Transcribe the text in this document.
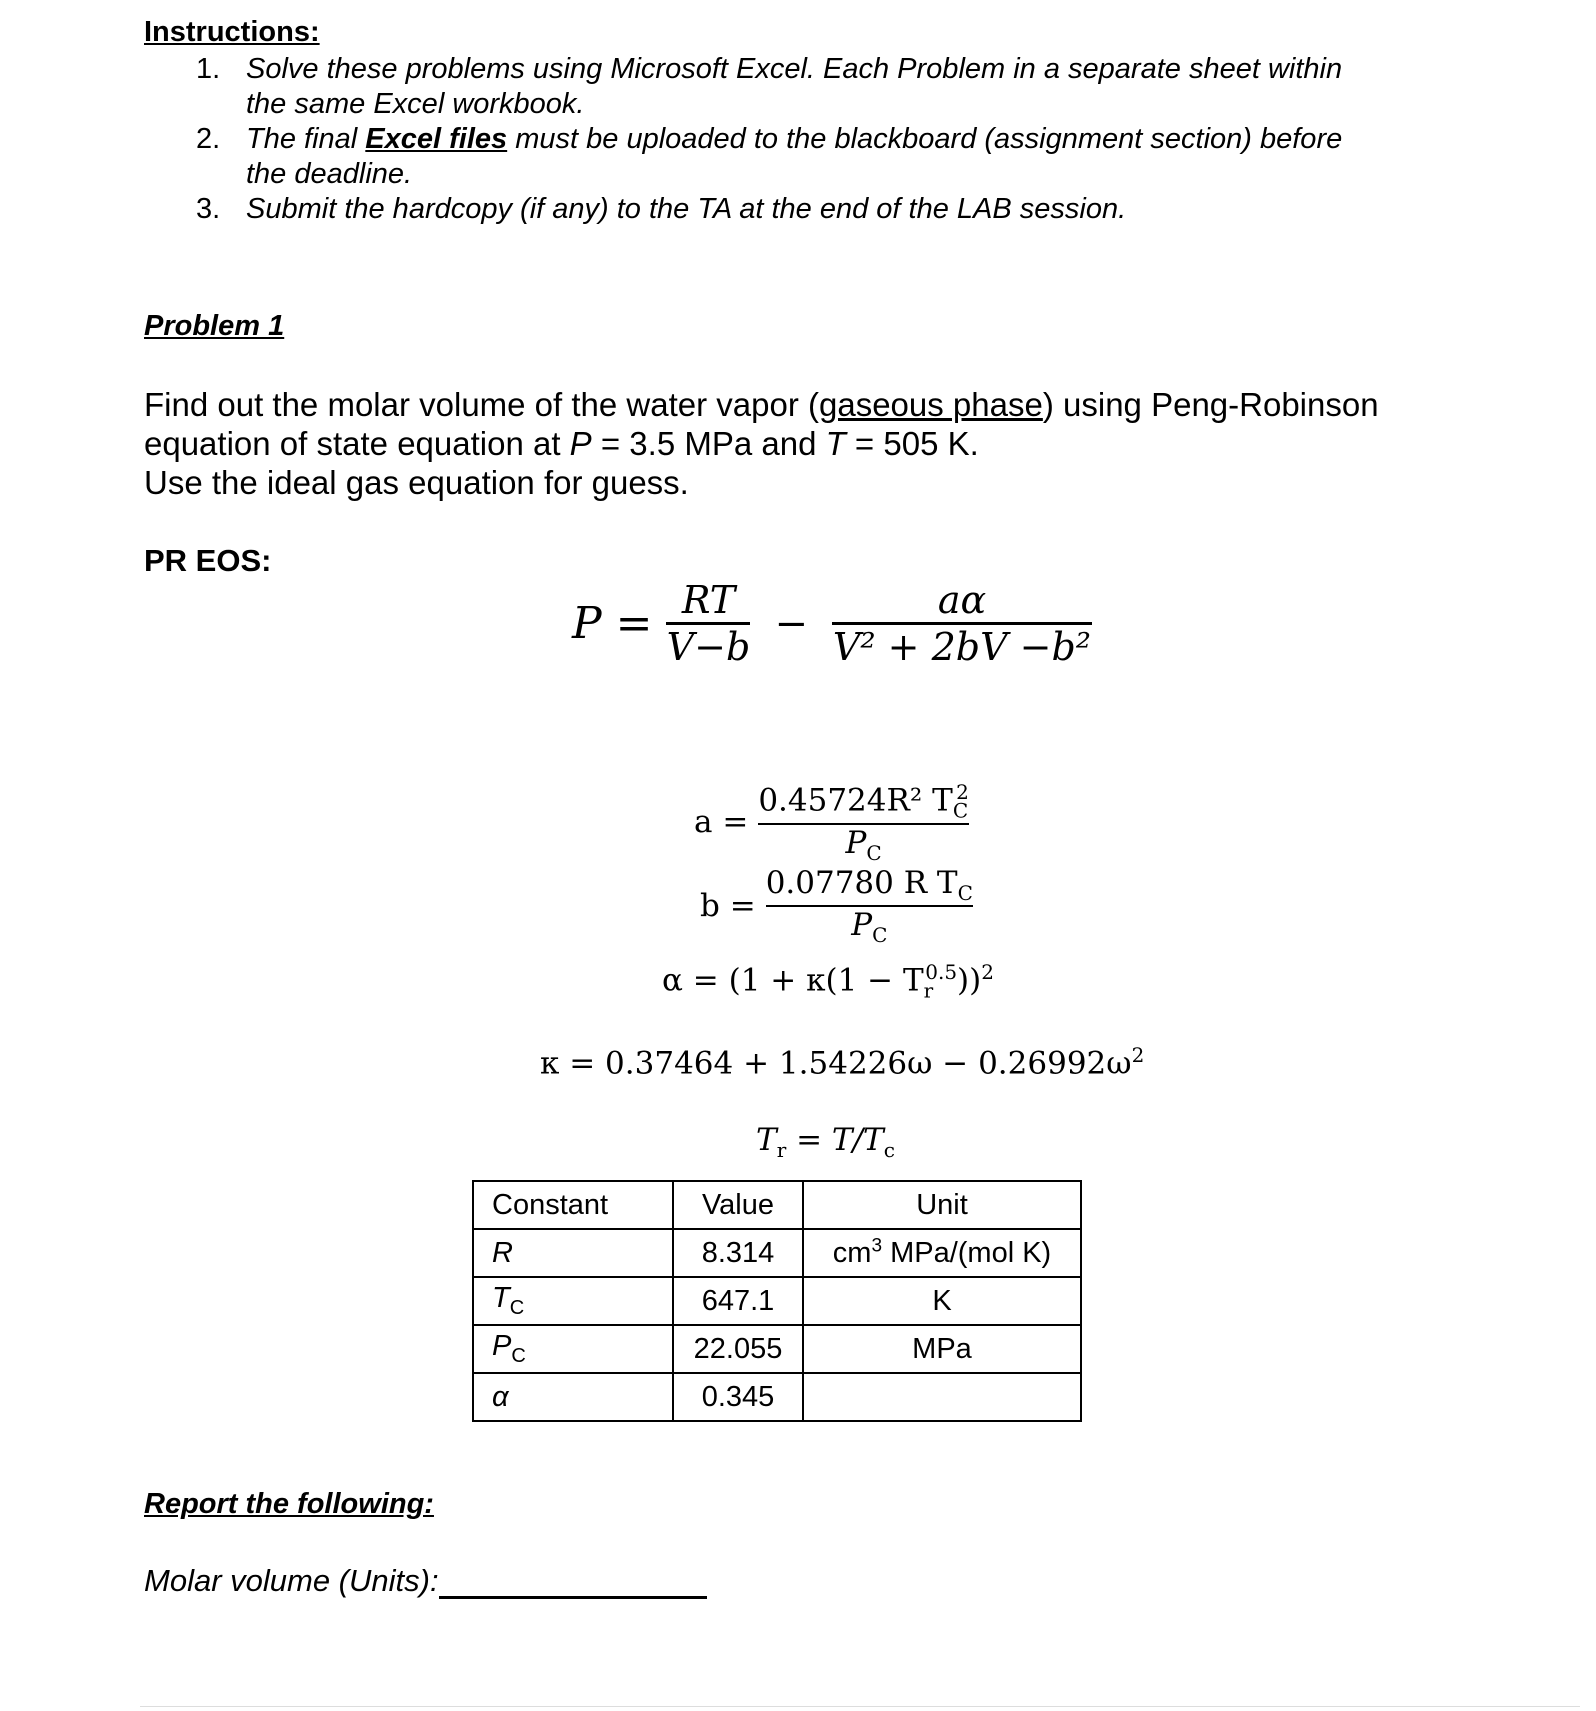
Instructions:
1. Solve these problems using Microsoft Excel. Each Problem in a separate sheet within
the same Excel workbook.
2. The final Excel files must be uploaded to the blackboard (assignment section) before
the deadline.
3. Submit the hardcopy (if any) to the TA at the end of the LAB session.
Problem 1
Find out the molar volume of the water vapor (gaseous phase) using Peng-Robinson
equation of state equation at P = 3.5 MPa and T = 505 K.
Use the ideal gas equation for guess.
PR EOS:
$P = \frac{RT}{V-b} - \frac{a\alpha}{\text{V² + 2bV −b²}}$
$a = \frac{0.45724R^2 T_C^2}{P_C}$
$b = \frac{0.07780 R T_C}{P_C}$
$\alpha = (1 + \kappa(1 - T_r^{0.5}))^2$
$\kappa = 0.37464 + 1.54226\omega - 0.26992\omega^2$
$T_r = T/T_c$
Constant	Value	Unit
R	8.314	$cm^3$ MPa/(mol K)
$T_C$	647.1	K
$P_C$	22.055	MPa
α	0.345	
Report the following:
Molar volume (Units):
